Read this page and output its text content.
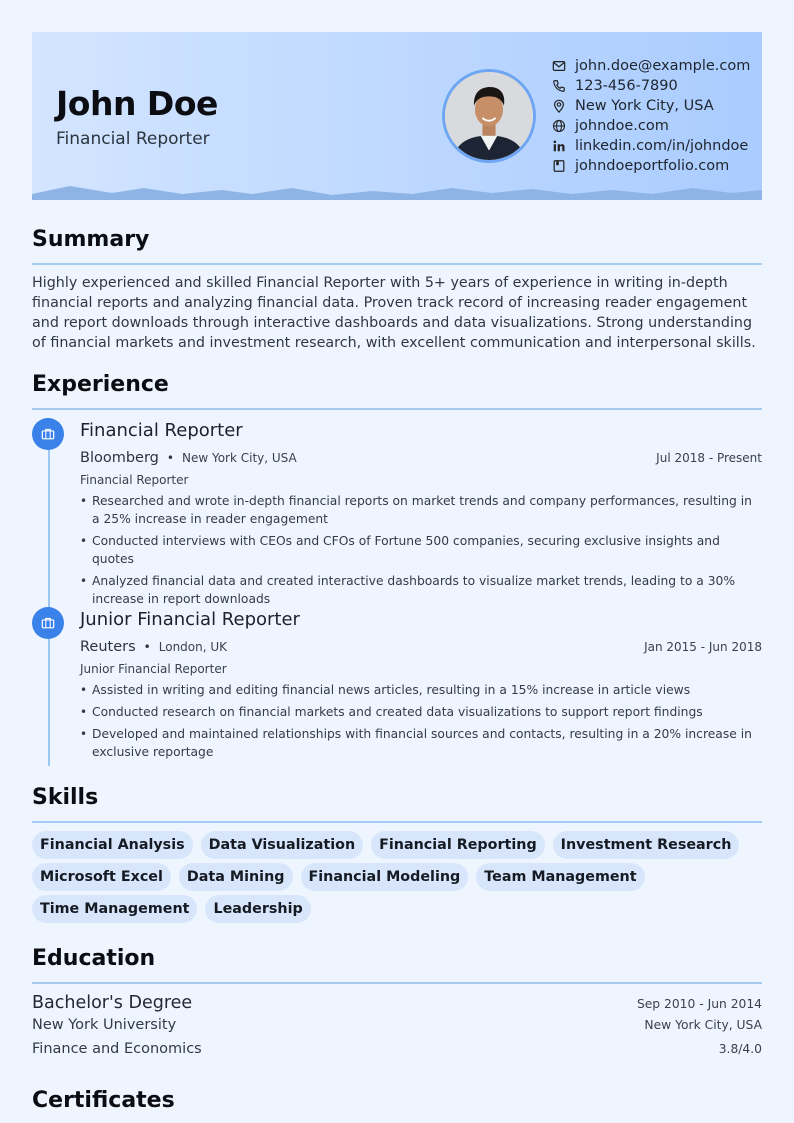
John Doe
Financial Reporter
john.doe@example.com
123-456-7890
New York City, USA
johndoe.com
linkedin.com/in/johndoe
johndoeportfolio.com
Summary
Highly experienced and skilled Financial Reporter with 5+ years of experience in writing in-depth financial reports and analyzing financial data. Proven track record of increasing reader engagement and report downloads through interactive dashboards and data visualizations. Strong understanding of financial markets and investment research, with excellent communication and interpersonal skills.
Experience
Financial Reporter
Bloomberg • New York City, USA	Jul 2018 - Present
Financial Reporter
• Researched and wrote in-depth financial reports on market trends and company performances, resulting in a 25% increase in reader engagement
• Conducted interviews with CEOs and CFOs of Fortune 500 companies, securing exclusive insights and quotes
• Analyzed financial data and created interactive dashboards to visualize market trends, leading to a 30% increase in report downloads
Junior Financial Reporter
Reuters • London, UK	Jan 2015 - Jun 2018
Junior Financial Reporter
• Assisted in writing and editing financial news articles, resulting in a 15% increase in article views
• Conducted research on financial markets and created data visualizations to support report findings
• Developed and maintained relationships with financial sources and contacts, resulting in a 20% increase in exclusive reportage
Skills
Financial Analysis	Data Visualization	Financial Reporting	Investment Research
Microsoft Excel	Data Mining	Financial Modeling	Team Management
Time Management	Leadership
Education
Bachelor's Degree	Sep 2010 - Jun 2014
New York University	New York City, USA
Finance and Economics	3.8/4.0
Certificates
